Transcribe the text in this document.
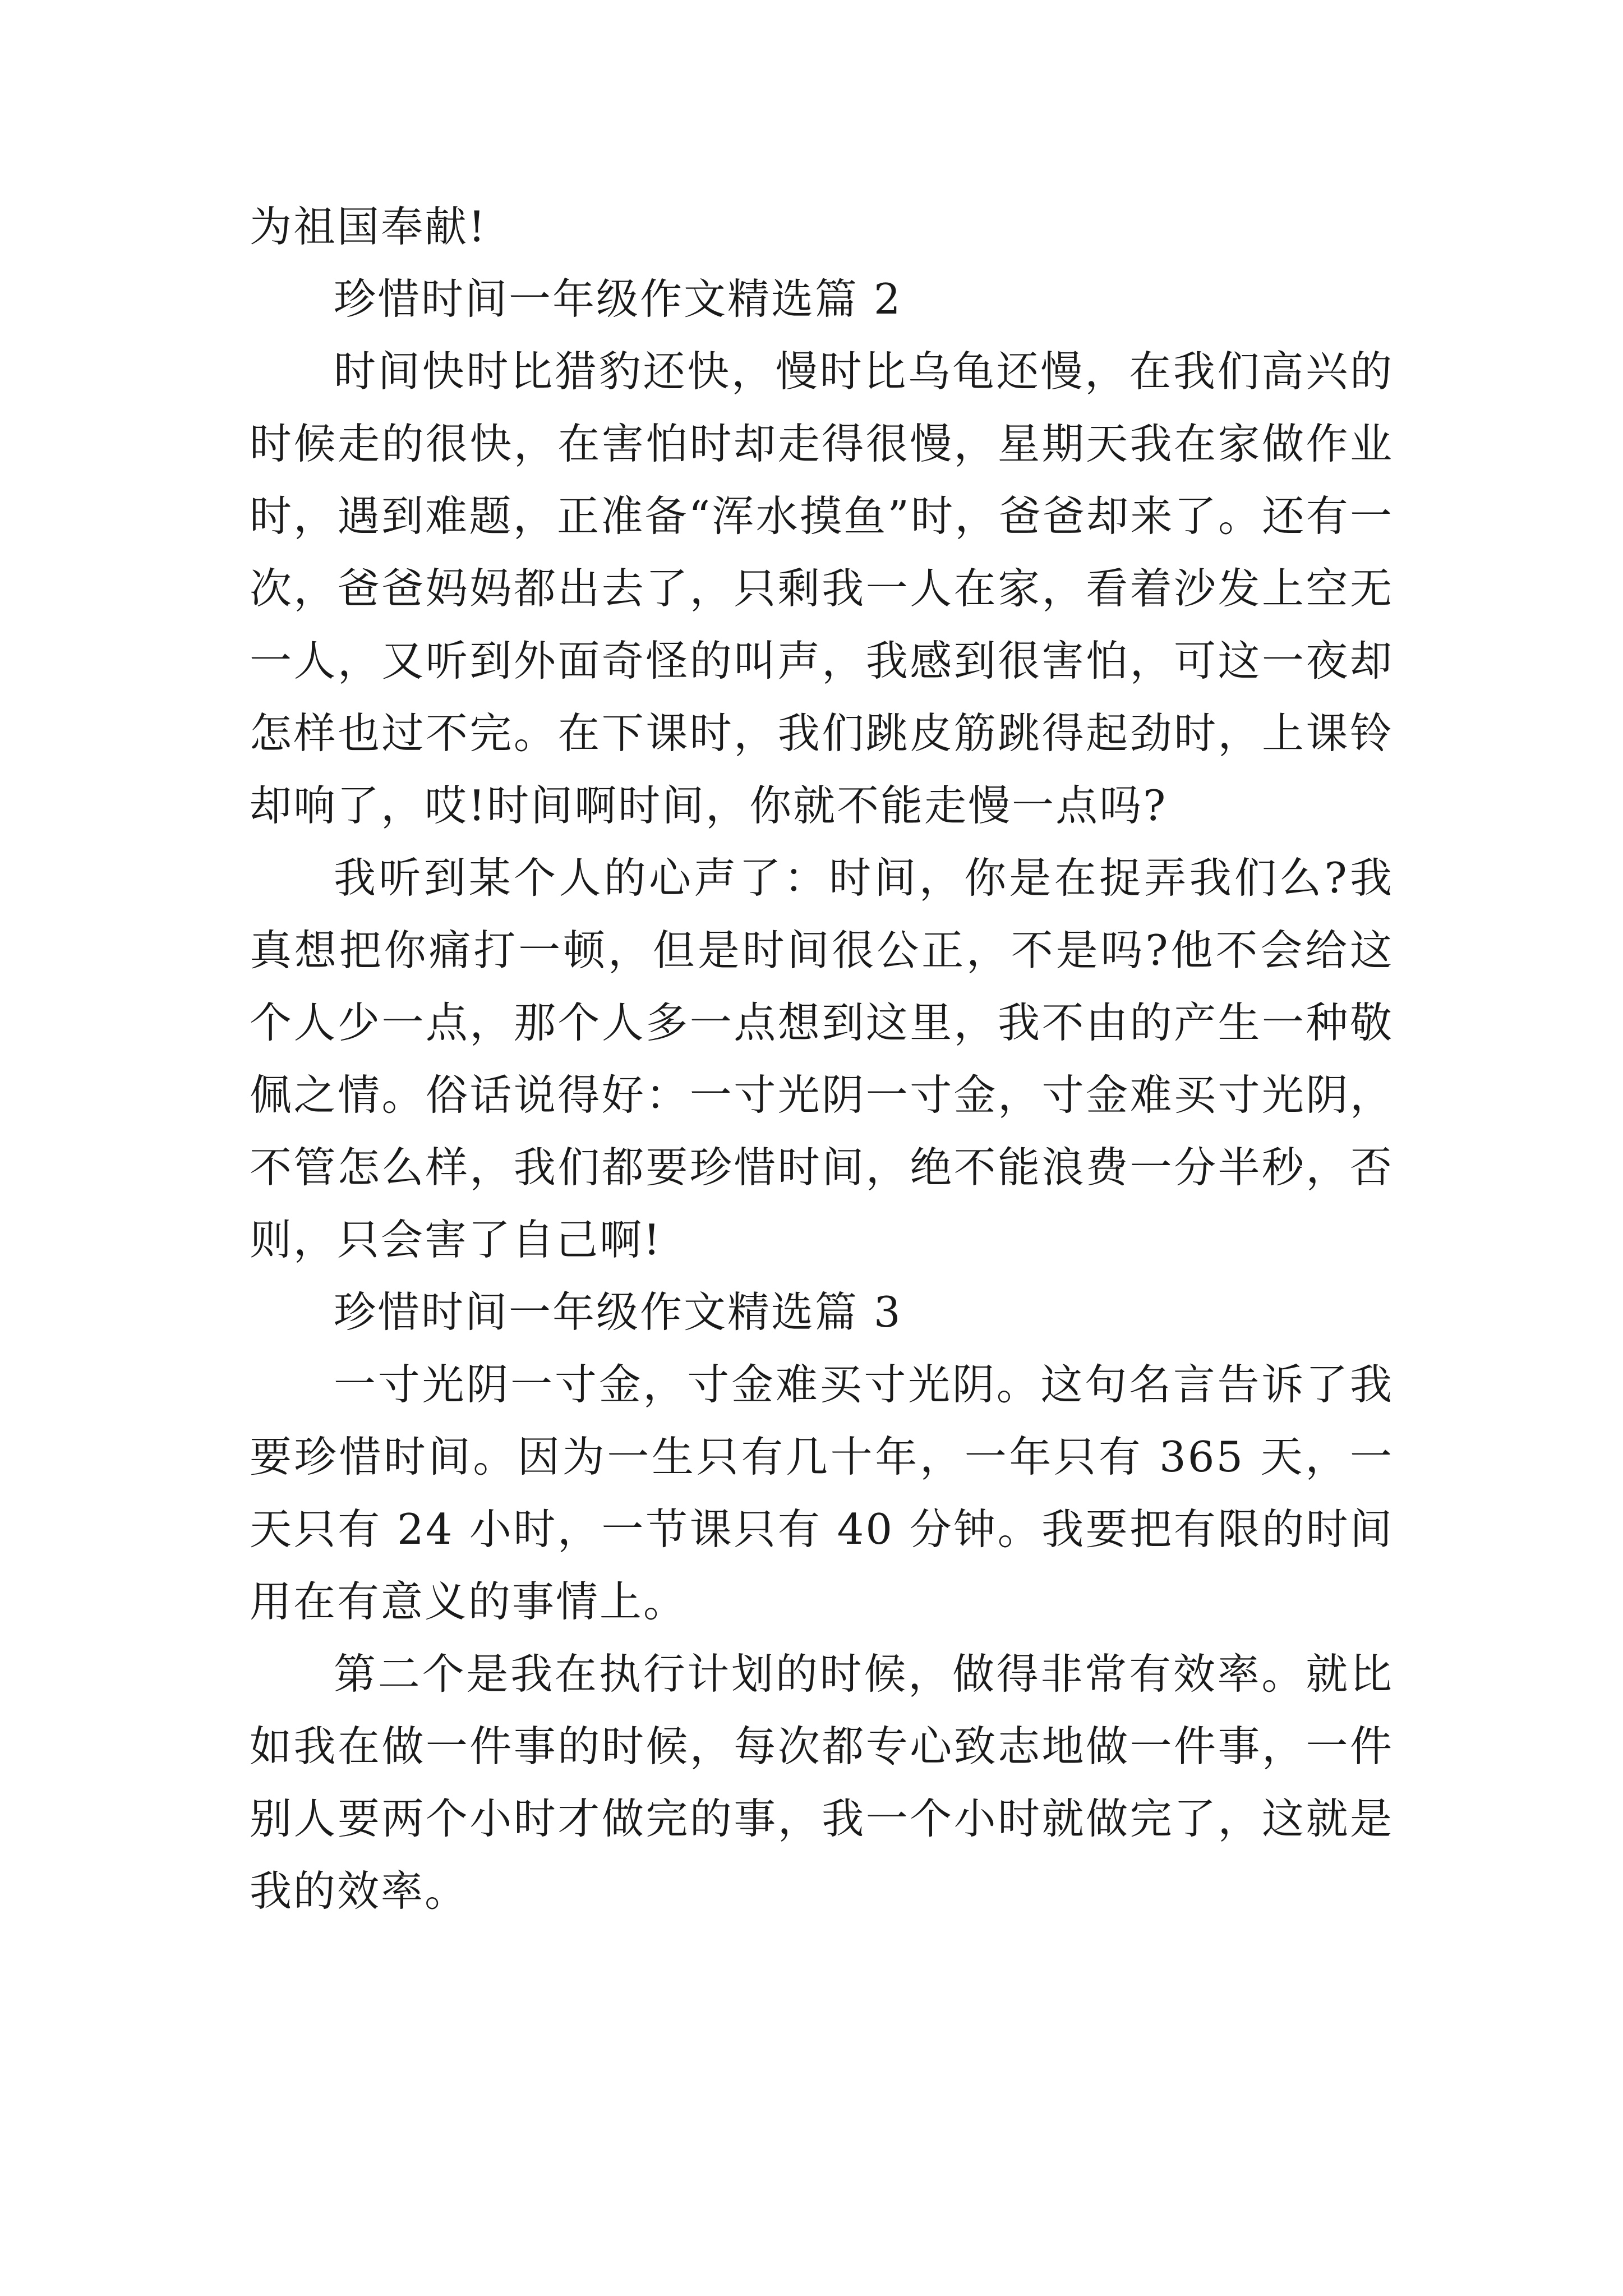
为祖国奉献!

珍惜时间一年级作文精选篇 2

时间快时比猎豹还快，慢时比乌龟还慢，在我们高兴的时候走的很快，在害怕时却走得很慢，星期天我在家做作业时，遇到难题，正准备“浑水摸鱼”时，爸爸却来了。还有一次，爸爸妈妈都出去了，只剩我一人在家，看着沙发上空无一人，又听到外面奇怪的叫声，我感到很害怕，可这一夜却怎样也过不完。在下课时，我们跳皮筋跳得起劲时，上课铃却响了，哎!时间啊时间，你就不能走慢一点吗?

我听到某个人的心声了：时间，你是在捉弄我们么?我真想把你痛打一顿，但是时间很公正，不是吗?他不会给这个人少一点，那个人多一点想到这里，我不由的产生一种敬佩之情。俗话说得好：一寸光阴一寸金，寸金难买寸光阴，不管怎么样，我们都要珍惜时间，绝不能浪费一分半秒，否则，只会害了自己啊!

珍惜时间一年级作文精选篇 3

一寸光阴一寸金，寸金难买寸光阴。这句名言告诉了我要珍惜时间。因为一生只有几十年，一年只有 365 天，一天只有 24 小时，一节课只有 40 分钟。我要把有限的时间用在有意义的事情上。

第二个是我在执行计划的时候，做得非常有效率。就比如我在做一件事的时候，每次都专心致志地做一件事，一件别人要两个小时才做完的事，我一个小时就做完了，这就是我的效率。
